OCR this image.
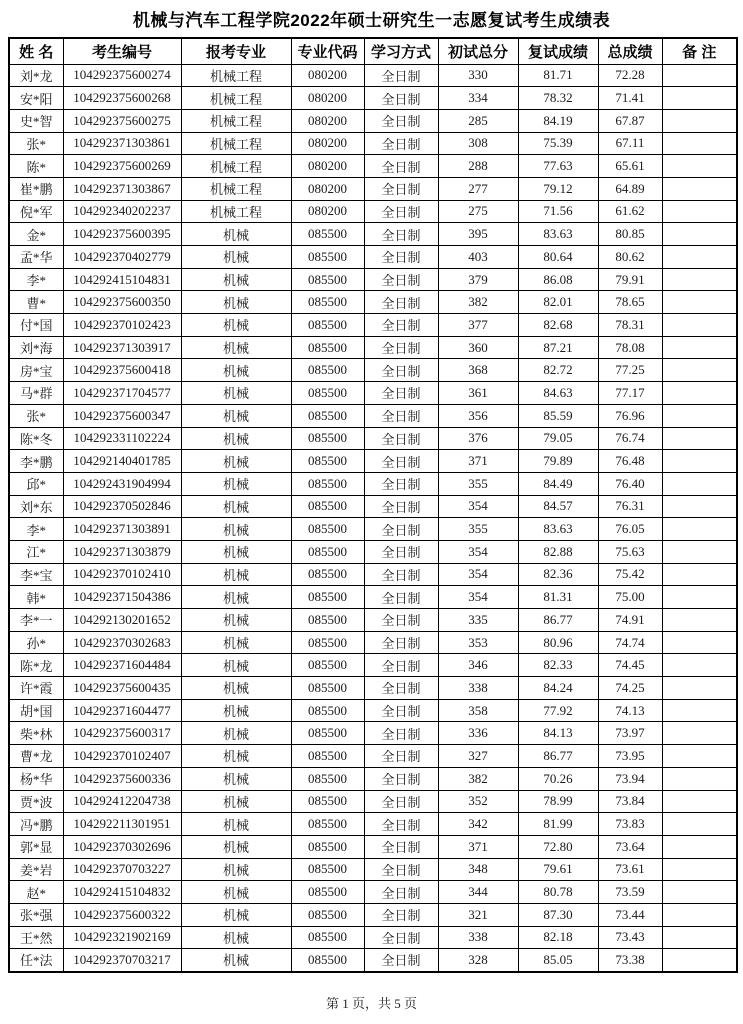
机械与汽车工程学院2022年硕士研究生一志愿复试考生成绩表
姓 名	考生编号	报考专业	专业代码	学习方式	初试总分	复试成绩	总成绩	备 注
刘*龙	104292375600274	机械工程	080200	全日制	330	81.71	72.28	
安*阳	104292375600268	机械工程	080200	全日制	334	78.32	71.41	
史*智	104292375600275	机械工程	080200	全日制	285	84.19	67.87	
张*	104292371303861	机械工程	080200	全日制	308	75.39	67.11	
陈*	104292375600269	机械工程	080200	全日制	288	77.63	65.61	
崔*鹏	104292371303867	机械工程	080200	全日制	277	79.12	64.89	
倪*军	104292340202237	机械工程	080200	全日制	275	71.56	61.62	
金*	104292375600395	机械	085500	全日制	395	83.63	80.85	
孟*华	104292370402779	机械	085500	全日制	403	80.64	80.62	
李*	104292415104831	机械	085500	全日制	379	86.08	79.91	
曹*	104292375600350	机械	085500	全日制	382	82.01	78.65	
付*国	104292370102423	机械	085500	全日制	377	82.68	78.31	
刘*海	104292371303917	机械	085500	全日制	360	87.21	78.08	
房*宝	104292375600418	机械	085500	全日制	368	82.72	77.25	
马*群	104292371704577	机械	085500	全日制	361	84.63	77.17	
张*	104292375600347	机械	085500	全日制	356	85.59	76.96	
陈*冬	104292331102224	机械	085500	全日制	376	79.05	76.74	
李*鹏	104292140401785	机械	085500	全日制	371	79.89	76.48	
邱*	104292431904994	机械	085500	全日制	355	84.49	76.40	
刘*东	104292370502846	机械	085500	全日制	354	84.57	76.31	
李*	104292371303891	机械	085500	全日制	355	83.63	76.05	
江*	104292371303879	机械	085500	全日制	354	82.88	75.63	
李*宝	104292370102410	机械	085500	全日制	354	82.36	75.42	
韩*	104292371504386	机械	085500	全日制	354	81.31	75.00	
李*一	104292130201652	机械	085500	全日制	335	86.77	74.91	
孙*	104292370302683	机械	085500	全日制	353	80.96	74.74	
陈*龙	104292371604484	机械	085500	全日制	346	82.33	74.45	
许*霞	104292375600435	机械	085500	全日制	338	84.24	74.25	
胡*国	104292371604477	机械	085500	全日制	358	77.92	74.13	
柴*林	104292375600317	机械	085500	全日制	336	84.13	73.97	
曹*龙	104292370102407	机械	085500	全日制	327	86.77	73.95	
杨*华	104292375600336	机械	085500	全日制	382	70.26	73.94	
贾*波	104292412204738	机械	085500	全日制	352	78.99	73.84	
冯*鹏	104292211301951	机械	085500	全日制	342	81.99	73.83	
郭*显	104292370302696	机械	085500	全日制	371	72.80	73.64	
姜*岩	104292370703227	机械	085500	全日制	348	79.61	73.61	
赵*	104292415104832	机械	085500	全日制	344	80.78	73.59	
张*强	104292375600322	机械	085500	全日制	321	87.30	73.44	
王*然	104292321902169	机械	085500	全日制	338	82.18	73.43	
任*法	104292370703217	机械	085500	全日制	328	85.05	73.38	
第 1 页，共 5 页
